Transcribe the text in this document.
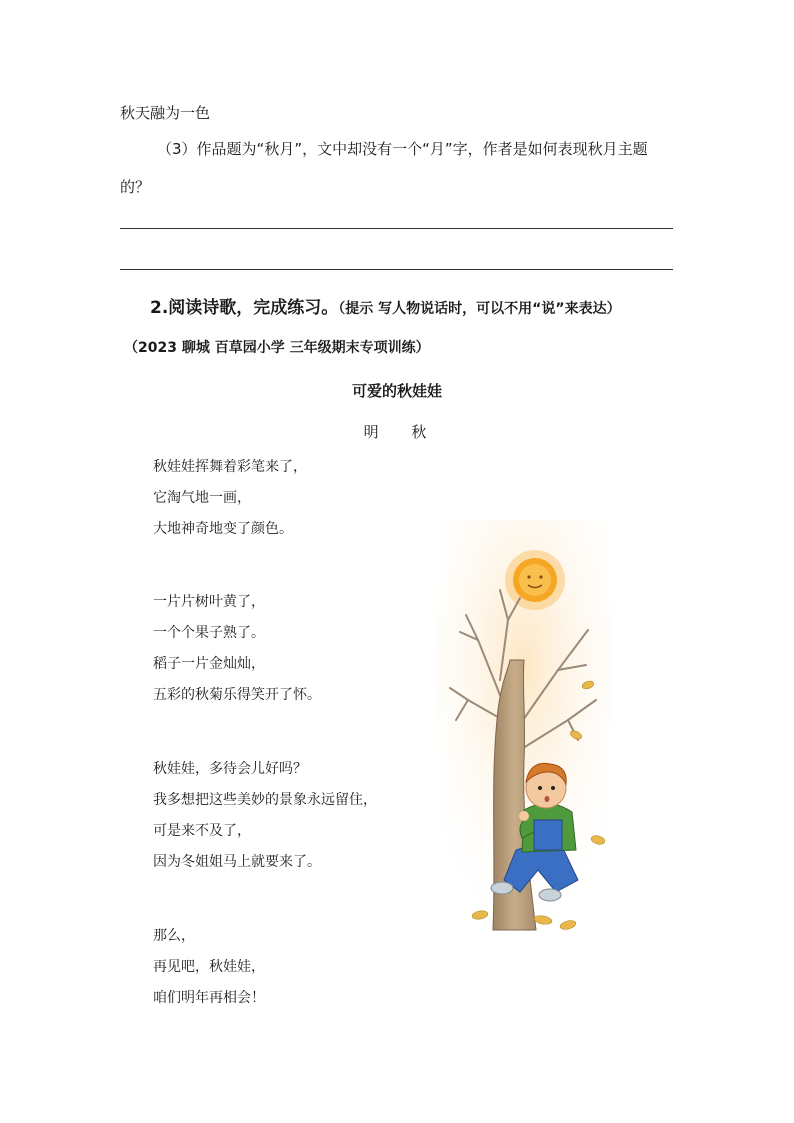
秋天融为一色
（3）作品题为“秋月”，文中却没有一个“月”字，作者是如何表现秋月主题
的？
2.阅读诗歌，完成练习。（提示 写人物说话时，可以不用“说”来表达）
（2023 聊城 百草园小学 三年级期末专项训练）
可爱的秋娃娃
明 秋
秋娃娃挥舞着彩笔来了，
它淘气地一画，
大地神奇地变了颜色。
一片片树叶黄了，
一个个果子熟了。
稻子一片金灿灿，
五彩的秋菊乐得笑开了怀。
秋娃娃，多待会儿好吗？
我多想把这些美妙的景象永远留住，
可是来不及了，
因为冬姐姐马上就要来了。
那么，
再见吧，秋娃娃，
咱们明年再相会！
